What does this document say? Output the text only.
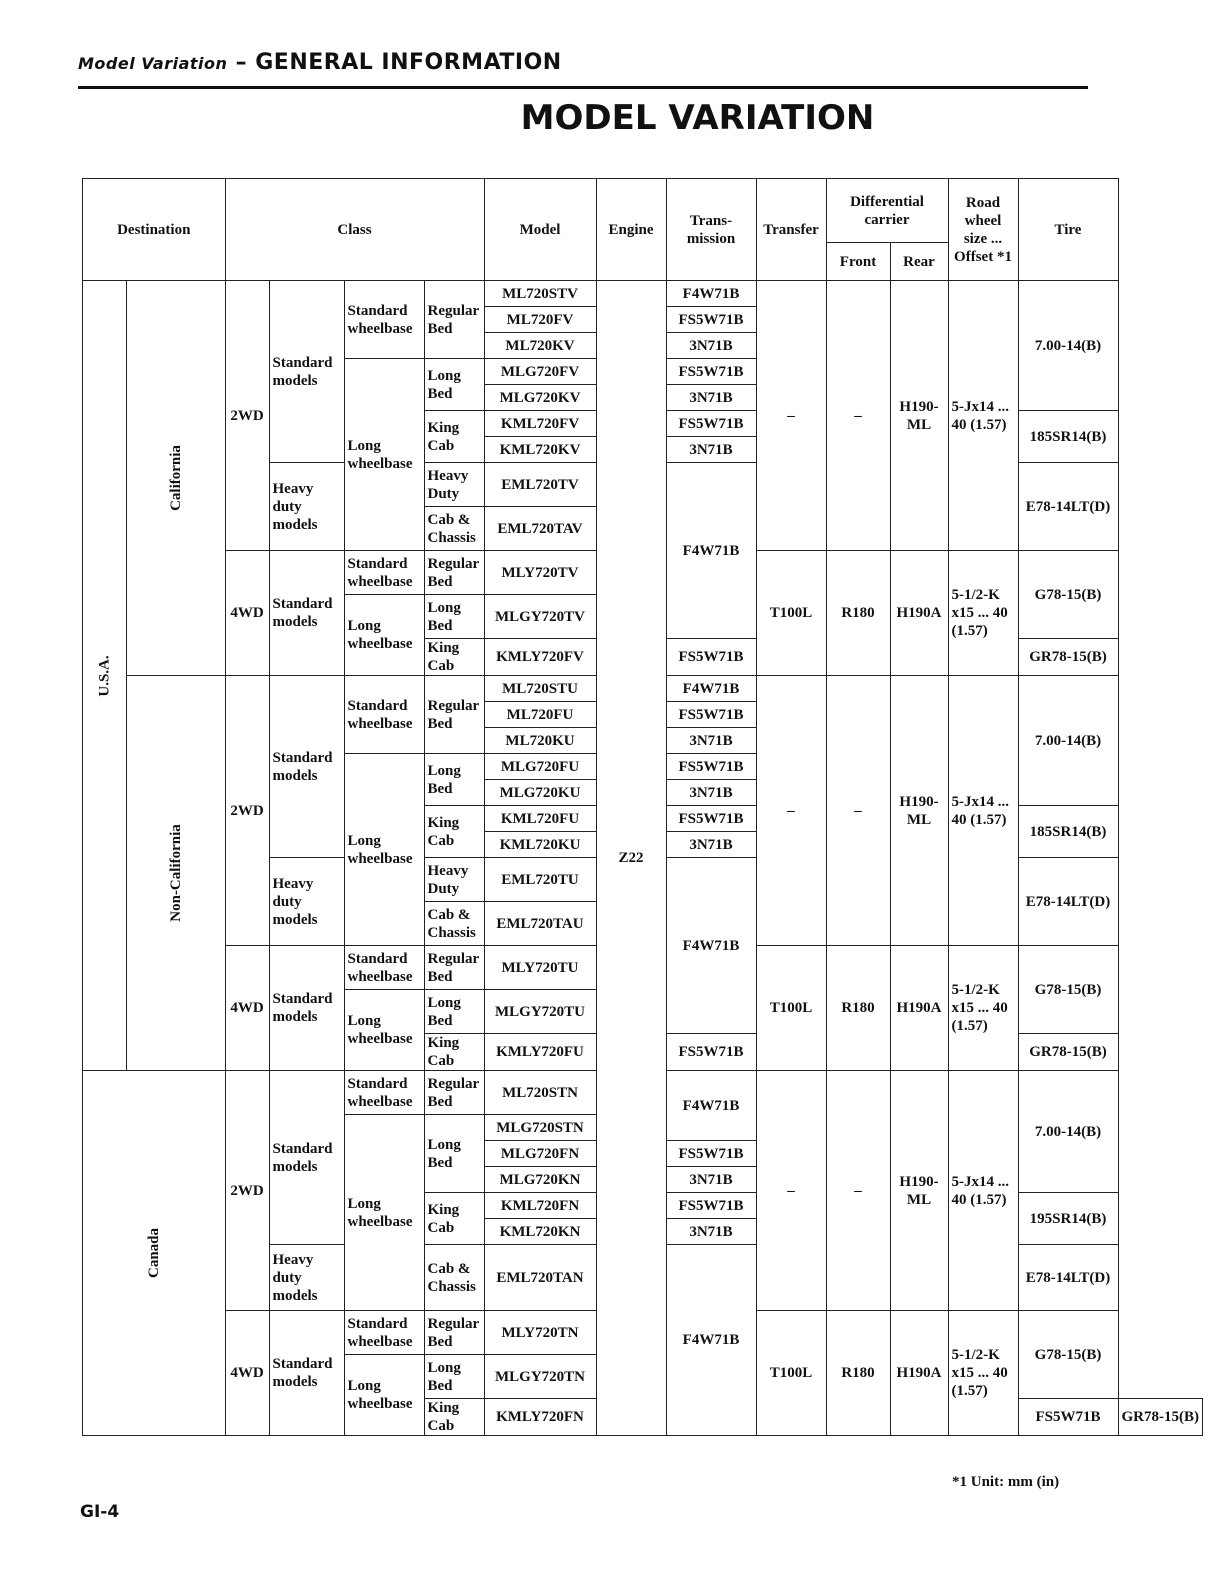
Model Variation – GENERAL INFORMATION
MODEL VARIATION
Destination		Class				Model	Engine	Trans-mission	Transfer	Differential carrier		Road wheel size ... Offset *1	Tire	
										Front	Rear			
U.S.A.	California	2WD	Standard models	Standard wheelbase	Regular Bed	ML720STV	Z22	F4W71B	–	–	H190-ML	5-Jx14 ... 40 (1.57)	7.00-14(B)	
						ML720FV		FS5W71B						
						ML720KV		3N71B						
				Long wheelbase	Long Bed	MLG720FV		FS5W71B						
						MLG720KV		3N71B						
					King Cab	KML720FV		FS5W71B					185SR14(B)	
						KML720KV		3N71B						
			Heavy duty models		Heavy Duty	EML720TV		F4W71B					E78-14LT(D)	
					Cab & Chassis	EML720TAV								
		4WD	Standard models	Standard wheelbase	Regular Bed	MLY720TV			T100L	R180	H190A	5-1/2-K x15 ... 40 (1.57)	G78-15(B)	
				Long wheelbase	Long Bed	MLGY720TV								
					King Cab	KMLY720FV		FS5W71B					GR78-15(B)	
	Non-California	2WD	Standard models	Standard wheelbase	Regular Bed	ML720STU		F4W71B	–	–	H190-ML	5-Jx14 ... 40 (1.57)	7.00-14(B)	
						ML720FU		FS5W71B						
						ML720KU		3N71B						
				Long wheelbase	Long Bed	MLG720FU		FS5W71B						
						MLG720KU		3N71B						
					King Cab	KML720FU		FS5W71B					185SR14(B)	
						KML720KU		3N71B						
			Heavy duty models		Heavy Duty	EML720TU		F4W71B					E78-14LT(D)	
					Cab & Chassis	EML720TAU								
		4WD	Standard models	Standard wheelbase	Regular Bed	MLY720TU			T100L	R180	H190A	5-1/2-K x15 ... 40 (1.57)	G78-15(B)	
				Long wheelbase	Long Bed	MLGY720TU								
					King Cab	KMLY720FU		FS5W71B					GR78-15(B)	
Canada		2WD	Standard models	Standard wheelbase	Regular Bed	ML720STN		F4W71B	–	–	H190-ML	5-Jx14 ... 40 (1.57)	7.00-14(B)	
				Long wheelbase	Long Bed	MLG720STN								
						MLG720FN		FS5W71B						
						MLG720KN		3N71B						

					King Cab	KML720FN		FS5W71B					195SR14(B)	
						KML720KN		3N71B						
			Heavy duty models		Cab & Chassis	EML720TAN		F4W71B					E78-14LT(D)	

		4WD	Standard models	Standard wheelbase	Regular Bed	MLY720TN			T100L	R180	H190A	5-1/2-K x15 ... 40 (1.57)	G78-15(B)	
				Long wheelbase	Long Bed	MLGY720TN								
					King Cab	KMLY720FN							FS5W71B	GR78-15(B)
*1 Unit: mm (in)
GI-4
